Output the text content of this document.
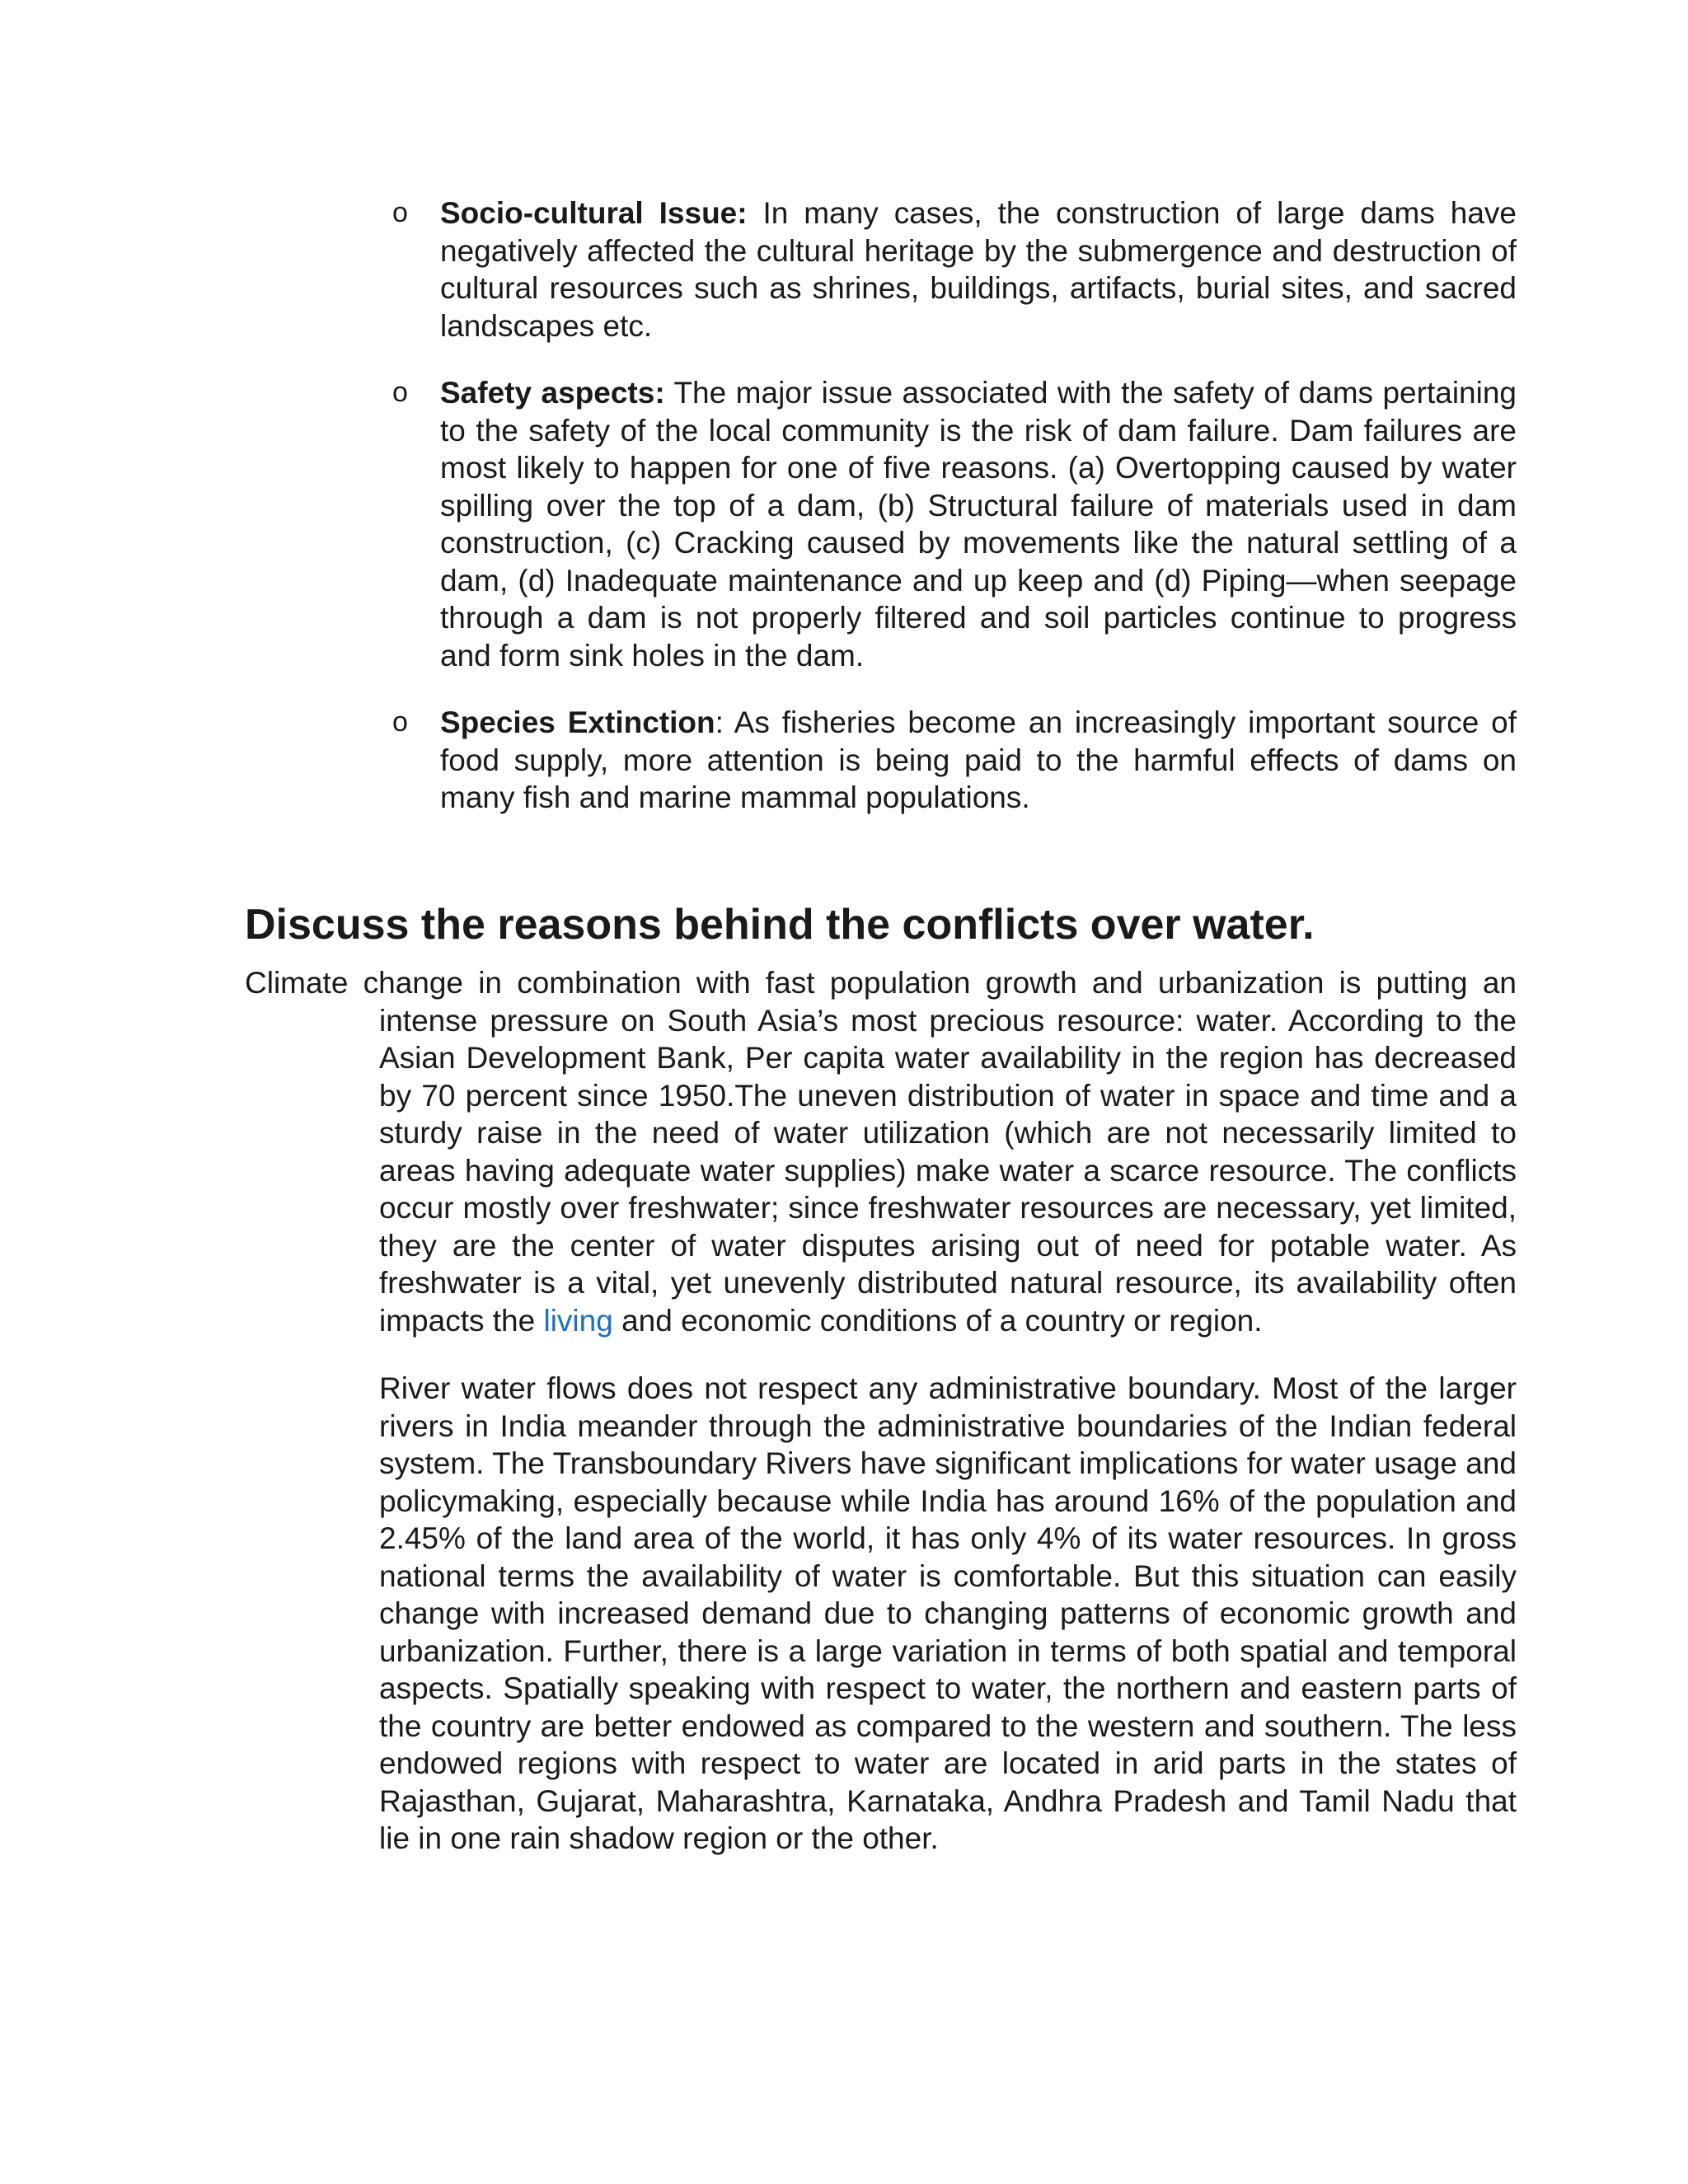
o Socio-cultural Issue: In many cases, the construction of large dams have negatively affected the cultural heritage by the submergence and destruction of cultural resources such as shrines, buildings, artifacts, burial sites, and sacred landscapes etc.
o Safety aspects: The major issue associated with the safety of dams pertaining to the safety of the local community is the risk of dam failure. Dam failures are most likely to happen for one of five reasons. (a) Overtopping caused by water spilling over the top of a dam, (b) Structural failure of materials used in dam construction, (c) Cracking caused by movements like the natural settling of a dam, (d) Inadequate maintenance and up keep and (d) Piping—when seepage through a dam is not properly filtered and soil particles continue to progress and form sink holes in the dam.
o Species Extinction: As fisheries become an increasingly important source of food supply, more attention is being paid to the harmful effects of dams on many fish and marine mammal populations.
Discuss the reasons behind the conflicts over water.

Climate change in combination with fast population growth and urbanization is putting an intense pressure on South Asia’s most precious resource: water. According to the Asian Development Bank, Per capita water availability in the region has decreased by 70 percent since 1950.The uneven distribution of water in space and time and a sturdy raise in the need of water utilization (which are not necessarily limited to areas having adequate water supplies) make water a scarce resource. The conflicts occur mostly over freshwater; since freshwater resources are necessary, yet limited, they are the center of water disputes arising out of need for potable water. As freshwater is a vital, yet unevenly distributed natural resource, its availability often impacts the living and economic conditions of a country or region.

River water flows does not respect any administrative boundary. Most of the larger rivers in India meander through the administrative boundaries of the Indian federal system. The Transboundary Rivers have significant implications for water usage and policymaking, especially because while India has around 16% of the population and 2.45% of the land area of the world, it has only 4% of its water resources. In gross national terms the availability of water is comfortable. But this situation can easily change with increased demand due to changing patterns of economic growth and urbanization. Further, there is a large variation in terms of both spatial and temporal aspects. Spatially speaking with respect to water, the northern and eastern parts of the country are better endowed as compared to the western and southern. The less endowed regions with respect to water are located in arid parts in the states of Rajasthan, Gujarat, Maharashtra, Karnataka, Andhra Pradesh and Tamil Nadu that lie in one rain shadow region or the other.
